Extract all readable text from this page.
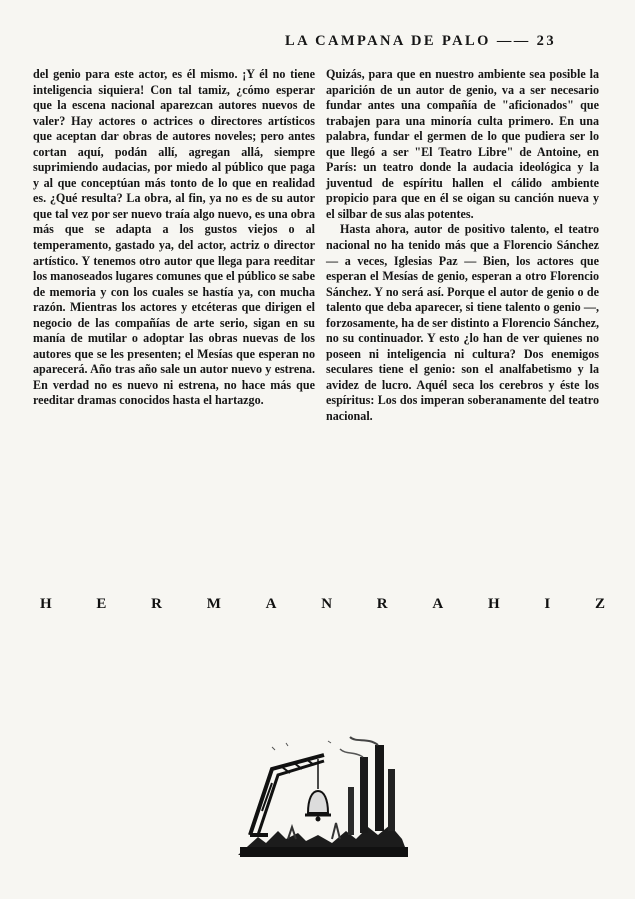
LA CAMPANA DE PALO —— 23

del genio para este actor, es él mismo. ¡Y él no tiene inteligencia siquiera! Con tal tamiz, ¿cómo esperar que la escena nacional aparezcan autores nuevos de valer? Hay actores o actrices o directores artísticos que aceptan dar obras de autores noveles; pero antes cortan aquí, podán allí, agregan allá, siempre suprimiendo audacias, por miedo al público que paga y al que conceptúan más tonto de lo que en realidad es. ¿Qué resulta? La obra, al fin, ya no es de su autor que tal vez por ser nuevo traía algo nuevo, es una obra más que se adapta a los gustos viejos o al temperamento, gastado ya, del actor, actriz o director artístico. Y tenemos otro autor que llega para reeditar los manoseados lugares comunes que el público se sabe de memoria y con los cuales se hastía ya, con mucha razón. Mientras los actores y etcéteras que dirigen el negocio de las compañías de arte serio, sigan en su manía de mutilar o adoptar las obras nuevas de los autores que se les presenten; el Mesías que esperan no aparecerá. Año tras año sale un autor nuevo y estrena. En verdad no es nuevo ni estrena, no hace más que reeditar dramas conocidos hasta el hartazgo.

Quizás, para que en nuestro ambiente sea posible la aparición de un autor de genio, va a ser necesario fundar antes una compañía de "aficionados" que trabajen para una minoría culta primero. En una palabra, fundar el germen de lo que pudiera ser lo que llegó a ser "El Teatro Libre" de Antoine, en París: un teatro donde la audacia ideológica y la juventud de espíritu hallen el cálido ambiente propicio para que en él se oigan su canción nueva y el silbar de sus alas potentes.

Hasta ahora, autor de positivo talento, el teatro nacional no ha tenido más que a Florencio Sánchez — a veces, Iglesias Paz — Bien, los actores que esperan el Mesías de genio, esperan a otro Florencio Sánchez. Y no será así. Porque el autor de genio o de talento que deba aparecer, si tiene talento o genio —, forzosamente, ha de ser distinto a Florencio Sánchez, no su continuador. Y esto ¿lo han de ver quienes no poseen ni inteligencia ni cultura? Dos enemigos seculares tiene el genio: son el analfabetismo y la avidez de lucro. Aquél seca los cerebros y éste los espíritus: Los dos imperan soberanamente del teatro nacional.

H	E	R	M	A	N	R	A	H	I	Z
